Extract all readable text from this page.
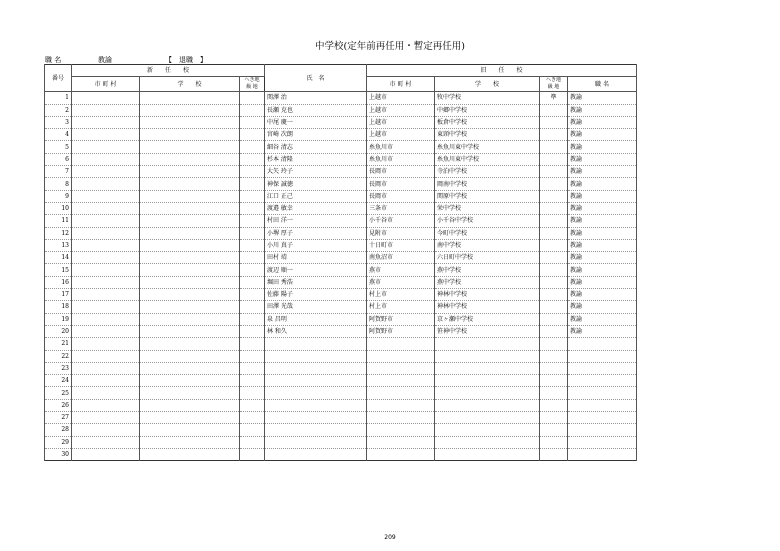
中学校(定年前再任用・暫定再任用)
職 名	教諭	【　退職　】
番号	新　　任　　校			氏　名	旧　　任　　校			
	市 町 村	学　　校	へき地
級 地		市 町 村	学　　校	へき地
級 地	職 名
1				関澤 治	上越市	牧中学校	準	教諭
2				長瀬 克也	上越市	中郷中学校		教諭
3				中尾 慶一	上越市	板倉中学校		教諭
4				宮崎 次朗	上越市	東頸中学校		教諭
5				細谷 清志	糸魚川市	糸魚川東中学校		教諭
6				杉本 清隆	糸魚川市	糸魚川東中学校		教諭
7				大矢 玲子	長岡市	寺泊中学校		教諭
8				神保 誠徳	長岡市	岡南中学校		教諭
9				江口 正己	長岡市	関原中学校		教諭
10				渡邉 敏幸	三条市	栄中学校		教諭
11				村田 洋一	小千谷市	小千谷中学校		教諭
12				小堺 厚子	見附市	今町中学校		教諭
13				小川 真子	十日町市	南中学校		教諭
14				田村 靖	南魚沼市	六日町中学校		教諭
15				渡辺 順一	燕市	燕中学校		教諭
16				堀田 秀浩	燕市	燕中学校		教諭
17				佐藤 陽子	村上市	神林中学校		教諭
18				田澤 光哉	村上市	神林中学校		教諭
19				泉 昌明	阿賀野市	京ヶ瀬中学校		教諭
20				林 和久	阿賀野市	笹神中学校		教諭
21								
22								
23								
24								
25								
26								
27								
28								
29								
30								
209
